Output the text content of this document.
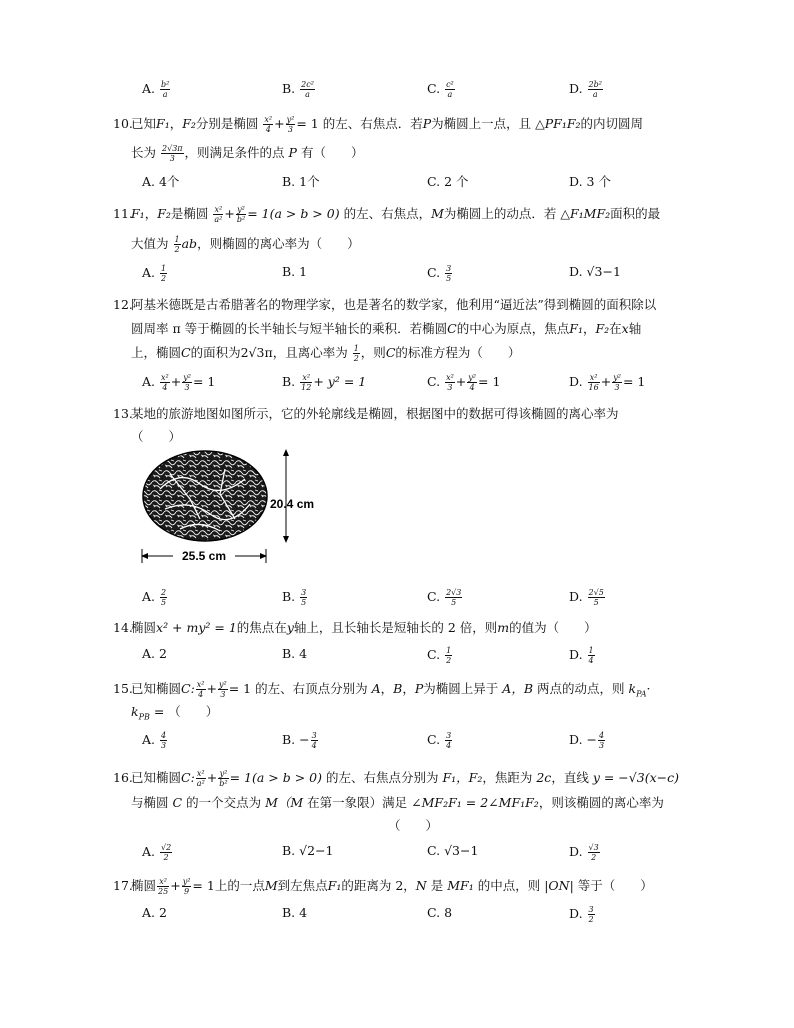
A. $\frac{\text{b²}}{a}$	B. $\frac{\text{2c²}}{a}$	C. $\frac{\text{c²}}{a}$	D. $\frac{\text{2b²}}{a}$
10.
已知F₁，F₂分别是椭圆 $\frac{\text{x²}}{4} + \frac{\text{y²}}{3} = 1$ 的左、右焦点．若P为椭圆上一点，且 △PF₁F₂的内切圆周
长为 $\frac{2√3\pi}{3}$ ，则满足条件的点 P 有（　　）
A. 4个	B. 1个	C. 2 个	D. 3 个
11.
F₁，F₂是椭圆 $\frac{\text{x²}}{\text{a²}} + \frac{\text{y²}}{\text{b²}} = 1(a > b > 0)$ 的左、右焦点，M为椭圆上的动点．若 △F₁MF₂面积的最
大值为 $\frac{1}{2}$ ab，则椭圆的离心率为（　　）
A. $\frac{1}{2}$	B. 1	C. $\frac{3}{5}$	D. √3−1
12.
阿基米德既是古希腊著名的物理学家，也是著名的数学家，他利用“逼近法”得到椭圆的面积除以
圆周率 π 等于椭圆的长半轴长与短半轴长的乘积．若椭圆C的中心为原点，焦点F₁，F₂在x轴
上，椭圆C的面积为2√3π，且离心率为 $\frac{1}{2}$ ，则C的标准方程为（　　）
A. $\frac{\text{x²}}{4} + \frac{\text{y²}}{3} = 1$	B. $\frac{\text{x²}}{12} + y^2 = 1$	C. $\frac{\text{x²}}{3} + \frac{\text{y²}}{4} = 1$	D. $\frac{\text{x²}}{16} + \frac{\text{y²}}{3} = 1$
13.
某地的旅游地图如图所示，它的外轮廓线是椭圆，根据图中的数据可得该椭圆的离心率为
（　　）
25.5 cm
20.4 cm
A. $\frac{2}{5}$	B. $\frac{3}{5}$	C. $\frac{2√3}{5}$	D. $\frac{2√5}{5}$
14.
椭圆x² + my² = 1的焦点在y轴上，且长轴长是短轴长的 2 倍，则m的值为（　　）
A. 2	B. 4	C. $\frac{1}{2}$	D. $\frac{1}{4}$
15.
已知椭圆C: $\frac{\text{x²}}{4} + \frac{\text{y²}}{3} = 1$ 的左、右顶点分别为 A，B，P为椭圆上异于 A，B 两点的动点，则 $k_{PA}\cdot$
$k_{PB}$ = （　　）
A. $\frac{4}{3}$	B. − $\frac{3}{4}$	C. $\frac{3}{4}$	D. − $\frac{4}{3}$
16.
已知椭圆C: $\frac{\text{x²}}{\text{a²}} + \frac{\text{y²}}{\text{b²}} = 1(a > b > 0)$ 的左、右焦点分别为 F₁，F₂，焦距为 2c，直线 y = −√3(x−c)
与椭圆 C 的一个交点为 M（M 在第一象限）满足 ∠MF₂F₁ = 2∠MF₁F₂，则该椭圆的离心率为
（　　）
A. $\frac{√2}{2}$	B. √2−1	C. √3−1	D. $\frac{√3}{2}$
17.
椭圆 $\frac{\text{x²}}{25} + \frac{\text{y²}}{9} = 1$上的一点M到左焦点F₁的距离为 2，N 是 MF₁ 的中点，则 |ON| 等于（　　）
A. 2	B. 4	C. 8	D. $\frac{3}{2}$
